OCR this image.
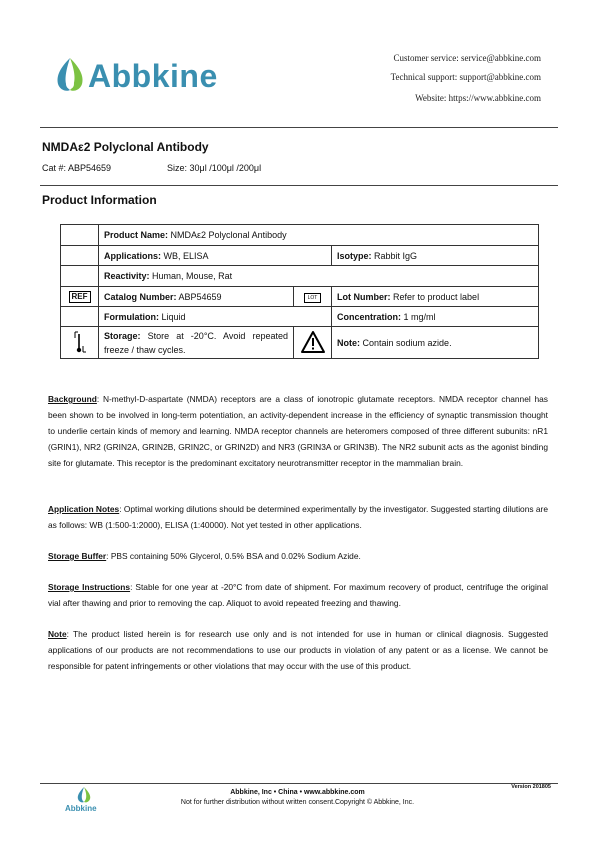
Abbkine	Customer service: service@abbkine.com
Technical support: support@abbkine.com
Website: https://www.abbkine.com
NMDAε2 Polyclonal Antibody
Cat #: ABP54659	Size: 30μl /100μl /200μl
Product Information
	Product Name: NMDAε2 Polyclonal Antibody		
	Applications: WB, ELISA		Isotype: Rabbit IgG
	Reactivity: Human, Mouse, Rat		
REF	Catalog Number: ABP54659	LOT	Lot Number: Refer to product label
	Formulation: Liquid		Concentration: 1 mg/ml
	Storage: Store at -20°C. Avoid repeated freeze / thaw cycles.		Note: Contain sodium azide.
Background: N-methyl-D-aspartate (NMDA) receptors are a class of ionotropic glutamate receptors. NMDA receptor channel has been shown to be involved in long-term potentiation, an activity-dependent increase in the efficiency of synaptic transmission thought to underlie certain kinds of memory and learning. NMDA receptor channels are heteromers composed of three different subunits: nR1 (GRIN1), NR2 (GRIN2A, GRIN2B, GRIN2C, or GRIN2D) and NR3 (GRIN3A or GRIN3B). The NR2 subunit acts as the agonist binding site for glutamate. This receptor is the predominant excitatory neurotransmitter receptor in the mammalian brain.
Application Notes: Optimal working dilutions should be determined experimentally by the investigator. Suggested starting dilutions are as follows: WB (1:500-1:2000), ELISA (1:40000). Not yet tested in other applications.
Storage Buffer: PBS containing 50% Glycerol, 0.5% BSA and 0.02% Sodium Azide.
Storage Instructions: Stable for one year at -20°C from date of shipment. For maximum recovery of product, centrifuge the original vial after thawing and prior to removing the cap. Aliquot to avoid repeated freezing and thawing.
Note: The product listed herein is for research use only and is not intended for use in human or clinical diagnosis. Suggested applications of our products are not recommendations to use our products in violation of any patent or as a license. We cannot be responsible for patent infringements or other violations that may occur with the use of this product.
Version 201805
Abbkine
Abbkine, Inc • China • www.abbkine.com
Not for further distribution without written consent.Copyright © Abbkine, Inc.
